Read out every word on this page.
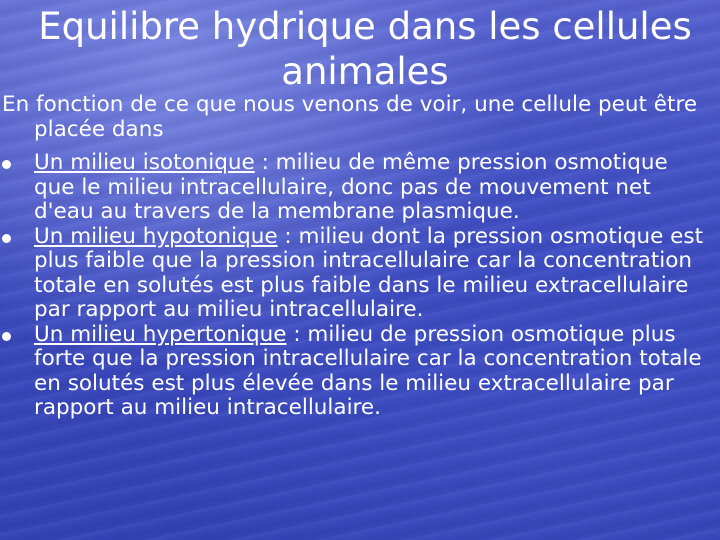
Equilibre hydrique dans les cellules
animales

En fonction de ce que nous venons de voir, une cellule peut être placée dans

Un milieu isotonique : milieu de même pression osmotique que le milieu intracellulaire, donc pas de mouvement net d'eau au travers de la membrane plasmique.
Un milieu hypotonique : milieu dont la pression osmotique est plus faible que la pression intracellulaire car la concentration totale en solutés est plus faible dans le milieu extracellulaire par rapport au milieu intracellulaire.
Un milieu hypertonique : milieu de pression osmotique plus forte que la pression intracellulaire car la concentration totale en solutés est plus élevée dans le milieu extracellulaire par rapport au milieu intracellulaire.
